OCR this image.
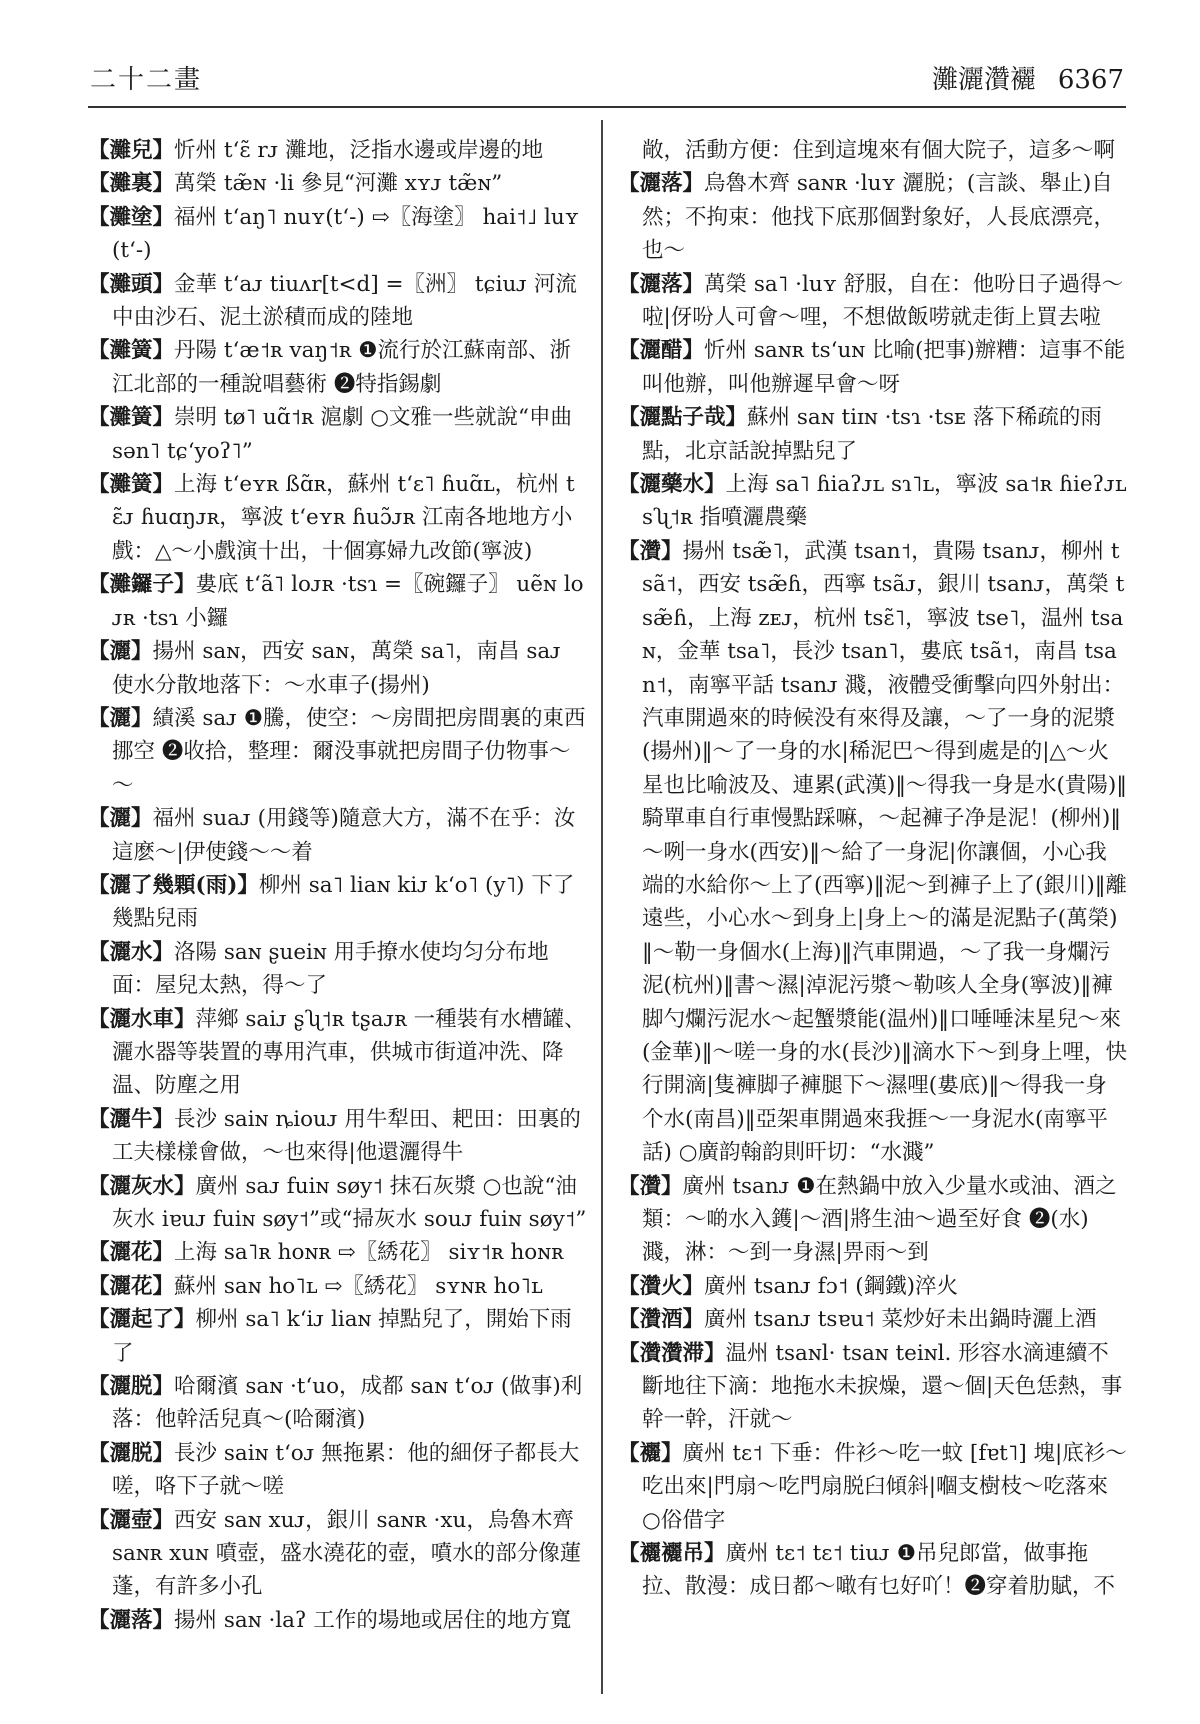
二十二畫	灘灑灒襹 6367

【灘兒】忻州 tʻɛ̃ rᴊ 灘地，泛指水邊或岸邊的地

【灘裏】萬榮 tæ̃ɴ ·li 參見“河灘 xʏᴊ tæ̃ɴ”

【灘塗】福州 tʻaŋ˥ nuʏ(tʻ-) ⇨〖海塗〗 hai˦˩ luʏ (tʻ-)

【灘頭】金華 tʻaᴊ tiuʌr[t<d] =〖洲〗 tɕiuᴊ 河流中由沙石、泥土淤積而成的陸地

【灘簧】丹陽 tʻæ˦ʀ vaŋ˦ʀ ❶流行於江蘇南部、浙江北部的一種說唱藝術 ❷特指錫劇

【灘簧】崇明 tø˥ uɑ̃˦ʀ 滬劇 ○文雅一些就說“申曲 sən˥ tɕʻyoʔ˥”

【灘簧】上海 tʻeʏʀ ßɑ̃ʀ，蘇州 tʻɛ˥ ɦuɑ̃ʟ，杭州 tɛ̃ᴊ ɦuɑŋᴊʀ，寧波 tʻeʏʀ ɦuɔ̃ᴊʀ 江南各地地方小戲：△～小戲演十出，十個寡婦九改節(寧波)

【灘鑼子】婁底 tʻã˥ loᴊʀ ·tsɿ =〖碗鑼子〗 uẽɴ loᴊʀ ·tsɿ 小鑼

【灑】揚州 saɴ，西安 saɴ，萬榮 sa˥，南昌 saᴊ 使水分散地落下：～水車子(揚州)

【灑】績溪 saᴊ ❶騰，使空：～房間把房間裏的東西挪空 ❷收拾，整理：爾没事就把房間子仂物事～～

【灑】福州 suaᴊ (用錢等)隨意大方，滿不在乎：汝這麽～|伊使錢～～着

【灑了幾顆(雨)】柳州 sa˥ liaɴ kiᴊ kʻo˥ (y˥) 下了幾點兒雨

【灑水】洛陽 saɴ ʂueiɴ 用手撩水使均匀分布地面：屋兒太熱，得～了

【灑水車】萍鄉 saiᴊ ʂʯ˦ʀ tʂaᴊʀ 一種裝有水槽罐、灑水器等裝置的專用汽車，供城市街道冲洗、降温、防塵之用

【灑牛】長沙 saiɴ ȵiouᴊ 用牛犁田、耙田：田裏的工夫樣樣會做，～也來得|他還灑得牛

【灑灰水】廣州 saᴊ fuiɴ søy˦ 抹石灰漿 ○也說“油灰水 iɐuᴊ fuiɴ søy˦”或“掃灰水 souᴊ fuiɴ søy˦”

【灑花】上海 sa˥ʀ hoɴʀ ⇨〖綉花〗 siʏ˦ʀ hoɴʀ

【灑花】蘇州 saɴ ho˥ʟ ⇨〖綉花〗 sʏɴʀ ho˥ʟ

【灑起了】柳州 sa˥ kʻiᴊ liaɴ 掉點兒了，開始下雨了

【灑脱】哈爾濱 saɴ ·tʻuo，成都 saɴ tʻoᴊ (做事)利落：他幹活兒真～(哈爾濱)

【灑脱】長沙 saiɴ tʻoᴊ 無拖累：他的細伢子都長大嗟，咯下子就～嗟

【灑壺】西安 saɴ xuᴊ，銀川 saɴʀ ·xu，烏魯木齊 saɴʀ xuɴ 噴壺，盛水澆花的壺，噴水的部分像蓮蓬，有許多小孔

【灑落】揚州 saɴ ·laʔ 工作的場地或居住的地方寬

敞，活動方便：住到這塊來有個大院子，這多～啊

【灑落】烏魯木齊 saɴʀ ·luʏ 灑脱；(言談、舉止)自然；不拘束：他找下底那個對象好，人長底漂亮，也～

【灑落】萬榮 sa˥ ·luʏ 舒服，自在：他吩日子過得～啦|伢吩人可會～哩，不想做飯唠就走街上買去啦

【灑醋】忻州 saɴʀ tsʻuɴ 比喻(把事)辦糟：這事不能叫他辦，叫他辦遲早會～呀

【灑點子哉】蘇州 saɴ tiɪɴ ·tsɿ ·tsᴇ 落下稀疏的雨點，北京話說掉點兒了

【灑藥水】上海 sa˥ ɦiaʔᴊʟ sɿ˥ʟ，寧波 sa˦ʀ ɦieʔᴊʟ sʯ˦ʀ 指噴灑農藥

【灒】揚州 tsæ̃˥，武漢 tsan˦，貴陽 tsanᴊ，柳州 tsã˦，西安 tsæ̃ɦ，西寧 tsãᴊ，銀川 tsanᴊ，萬榮 tsæ̃ɦ，上海 zᴇᴊ，杭州 tsɛ̃˥，寧波 tse˥，温州 tsaɴ，金華 tsa˥，長沙 tsan˥，婁底 tsã˦，南昌 tsan˦，南寧平話 tsanᴊ 濺，液體受衝擊向四外射出：汽車開過來的時候没有來得及讓，～了一身的泥漿(揚州)‖～了一身的水|稀泥巴～得到處是的|△～火星也比喻波及、連累(武漢)‖～得我一身是水(貴陽)‖騎單車自行車慢點踩嘛，～起褲子净是泥！(柳州)‖～咧一身水(西安)‖～給了一身泥|你讓個，小心我端的水給你～上了(西寧)‖泥～到褲子上了(銀川)‖離遠些，小心水～到身上|身上～的滿是泥點子(萬榮)‖～勒一身個水(上海)‖汽車開過，～了我一身爛污泥(杭州)‖書～濕|淖泥污漿～勒咳人全身(寧波)‖褲脚勺爛污泥水～起蟹漿能(温州)‖口唾唾沫星兒～來(金華)‖～嗟一身的水(長沙)‖滴水下～到身上哩，快行開滴|隻褲脚子褲腿下～濕哩(婁底)‖～得我一身个水(南昌)‖亞架車開過來我捱～一身泥水(南寧平話) ○廣韵翰韵則旰切：“水濺”

【灒】廣州 tsanᴊ ❶在熱鍋中放入少量水或油、酒之類：～啲水入鑊|～酒|將生油～過至好食 ❷(水)濺，淋：～到一身濕|畀雨～到

【灒火】廣州 tsanᴊ fɔ˦ (鋼鐵)淬火

【灒酒】廣州 tsanᴊ tsɐu˦ 菜炒好未出鍋時灑上酒

【灒灒滞】温州 tsaɴl· tsaɴ teiɴl. 形容水滴連續不斷地往下滴：地拖水未捩燥，還～個|天色恁熱，事幹一幹，汗就～

【襹】廣州 tɛ˦ 下垂：件衫～吃一蚊 [fɐt˥] 塊|底衫～吃出來|門扇～吃門扇脱臼傾斜|嗰支樹枝～吃落來 ○俗借字

【襹襹吊】廣州 tɛ˦ tɛ˦ tiuᴊ ❶吊兒郎當，做事拖拉、散漫：成日都～噉有乜好吖！❷穿着肋賦，不
